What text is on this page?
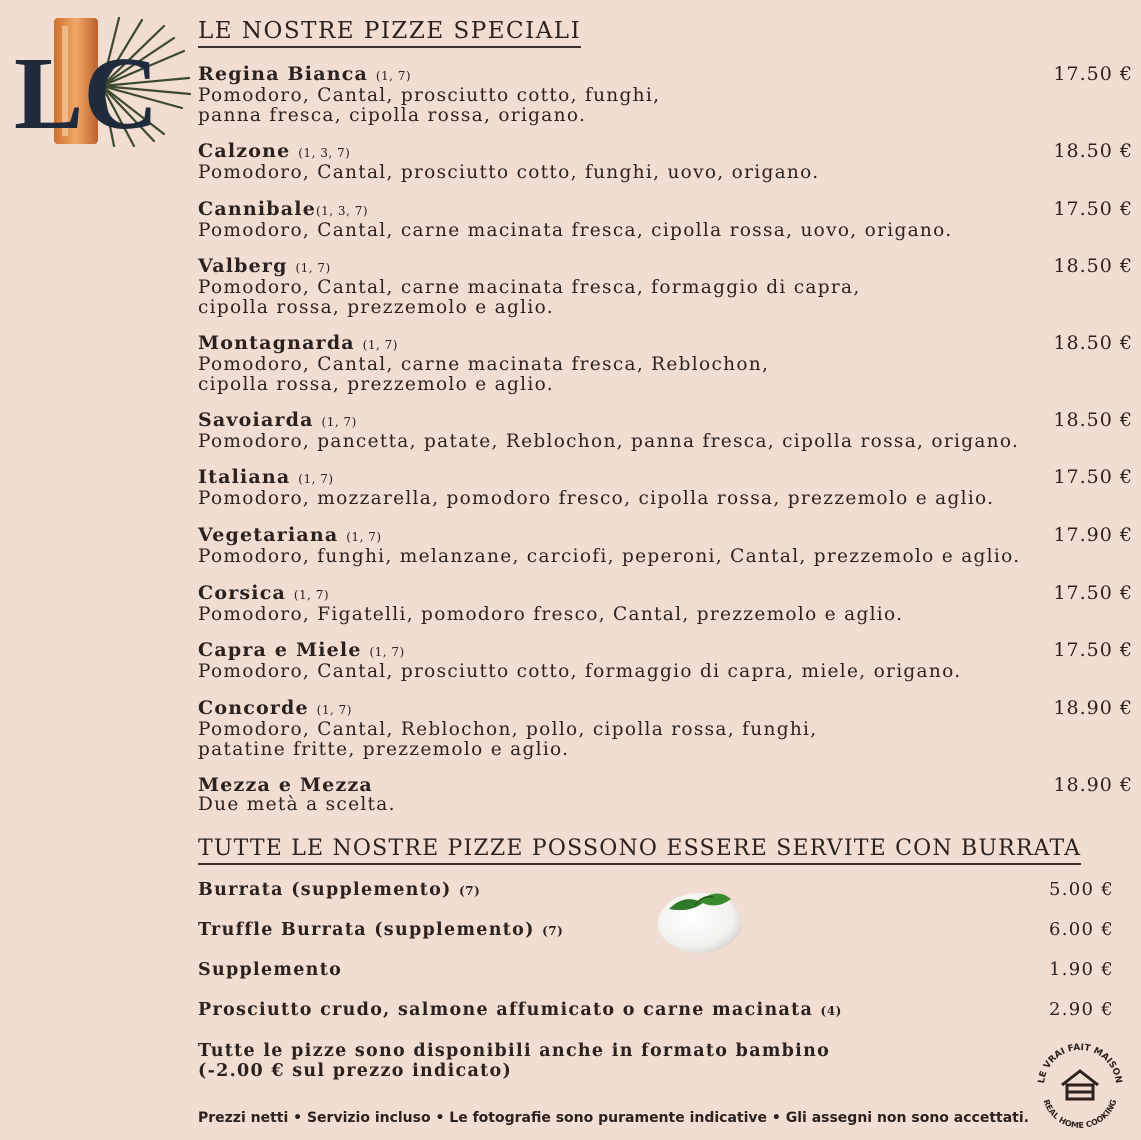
LC
LE NOSTRE PIZZE SPECIALI
Regina Bianca (1, 7)
Pomodoro, Cantal, prosciutto cotto, funghi,
panna fresca, cipolla rossa, origano.
17.50 €
Calzone (1, 3, 7)
Pomodoro, Cantal, prosciutto cotto, funghi, uovo, origano.
18.50 €
Cannibale(1, 3, 7)
Pomodoro, Cantal, carne macinata fresca, cipolla rossa, uovo, origano.
17.50 €
Valberg (1, 7)
Pomodoro, Cantal, carne macinata fresca, formaggio di capra,
cipolla rossa, prezzemolo e aglio.
18.50 €
Montagnarda (1, 7)
Pomodoro, Cantal, carne macinata fresca, Reblochon,
cipolla rossa, prezzemolo e aglio.
18.50 €
Savoiarda (1, 7)
Pomodoro, pancetta, patate, Reblochon, panna fresca, cipolla rossa, origano.
18.50 €
Italiana (1, 7)
Pomodoro, mozzarella, pomodoro fresco, cipolla rossa, prezzemolo e aglio.
17.50 €
Vegetariana (1, 7)
Pomodoro, funghi, melanzane, carciofi, peperoni, Cantal, prezzemolo e aglio.
17.90 €
Corsica (1, 7)
Pomodoro, Figatelli, pomodoro fresco, Cantal, prezzemolo e aglio.
17.50 €
Capra e Miele (1, 7)
Pomodoro, Cantal, prosciutto cotto, formaggio di capra, miele, origano.
17.50 €
Concorde (1, 7)
Pomodoro, Cantal, Reblochon, pollo, cipolla rossa, funghi,
patatine fritte, prezzemolo e aglio.
18.90 €
Mezza e Mezza
Due metà a scelta.
18.90 €
TUTTE LE NOSTRE PIZZE POSSONO ESSERE SERVITE CON BURRATA
Burrata (supplemento) (7)	5.00 €
Truffle Burrata (supplemento) (7)	6.00 €
Supplemento	1.90 €
Prosciutto crudo, salmone affumicato o carne macinata (4)	2.90 €
Tutte le pizze sono disponibili anche in formato bambino
(-2.00 € sul prezzo indicato)	LE VRAI FAIT MAISON
REAL HOME COOKING
Prezzi netti • Servizio incluso • Le fotografie sono puramente indicative • Gli assegni non sono accettati.
